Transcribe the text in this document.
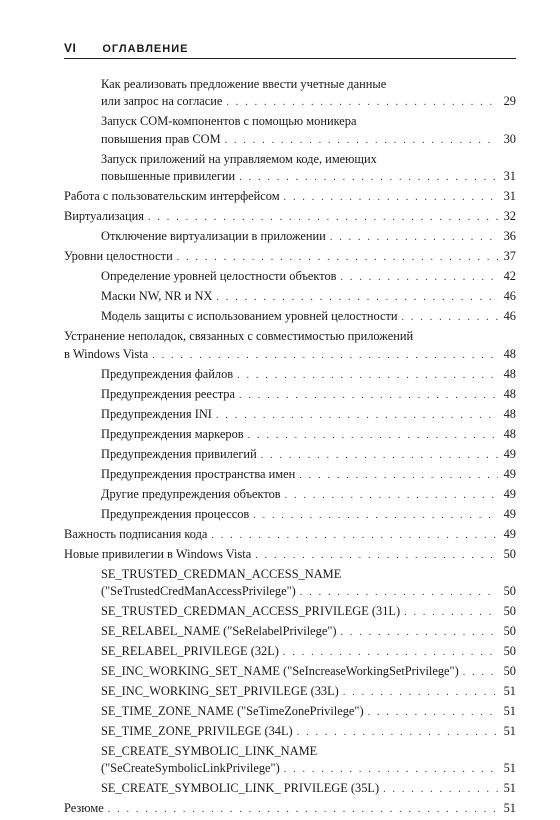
VI ОГЛАВЛЕНИЕ
Как реализовать предложение ввести учетные данные
или запрос на согласие . . .	29
Запуск COM-компонентов с помощью моникера
повышения прав COM . . .	30
Запуск приложений на управляемом коде, имеющих
повышенные привилегии . . .	31
Работа с пользовательским интерфейсом . . .	31
Виртуализация . . .	32
Отключение виртуализации в приложении . . .	36
Уровни целостности . . .	37
Определение уровней целостности объектов . . .	42
Маски NW, NR и NX . . .	46
Модель защиты с использованием уровней целостности . . .	46
Устранение неполадок, связанных с совместимостью приложений
в Windows Vista . . .	48
Предупреждения файлов . . .	48
Предупреждения реестра . . .	48
Предупреждения INI . . .	48
Предупреждения маркеров . . .	48
Предупреждения привилегий . . .	49
Предупреждения пространства имен . . .	49
Другие предупреждения объектов . . .	49
Предупреждения процессов . . .	49
Важность подписания кода . . .	49
Новые привилегии в Windows Vista . . .	50
SE_TRUSTED_CREDMAN_ACCESS_NAME
("SeTrustedCredManAccessPrivilege") . . .	50
SE_TRUSTED_CREDMAN_ACCESS_PRIVILEGE (31L) . . .	50
SE_RELABEL_NAME ("SeRelabelPrivilege") . . .	50
SE_RELABEL_PRIVILEGE (32L) . . .	50
SE_INC_WORKING_SET_NAME ("SeIncreaseWorkingSetPrivilege") . . .	50
SE_INC_WORKING_SET_PRIVILEGE (33L) . . .	51
SE_TIME_ZONE_NAME ("SeTimeZonePrivilege") . . .	51
SE_TIME_ZONE_PRIVILEGE (34L) . . .	51
SE_CREATE_SYMBOLIC_LINK_NAME
("SeCreateSymbolicLinkPrivilege") . . .	51
SE_CREATE_SYMBOLIC_LINK_ PRIVILEGE (35L) . . .	51
Резюме . . .	51
